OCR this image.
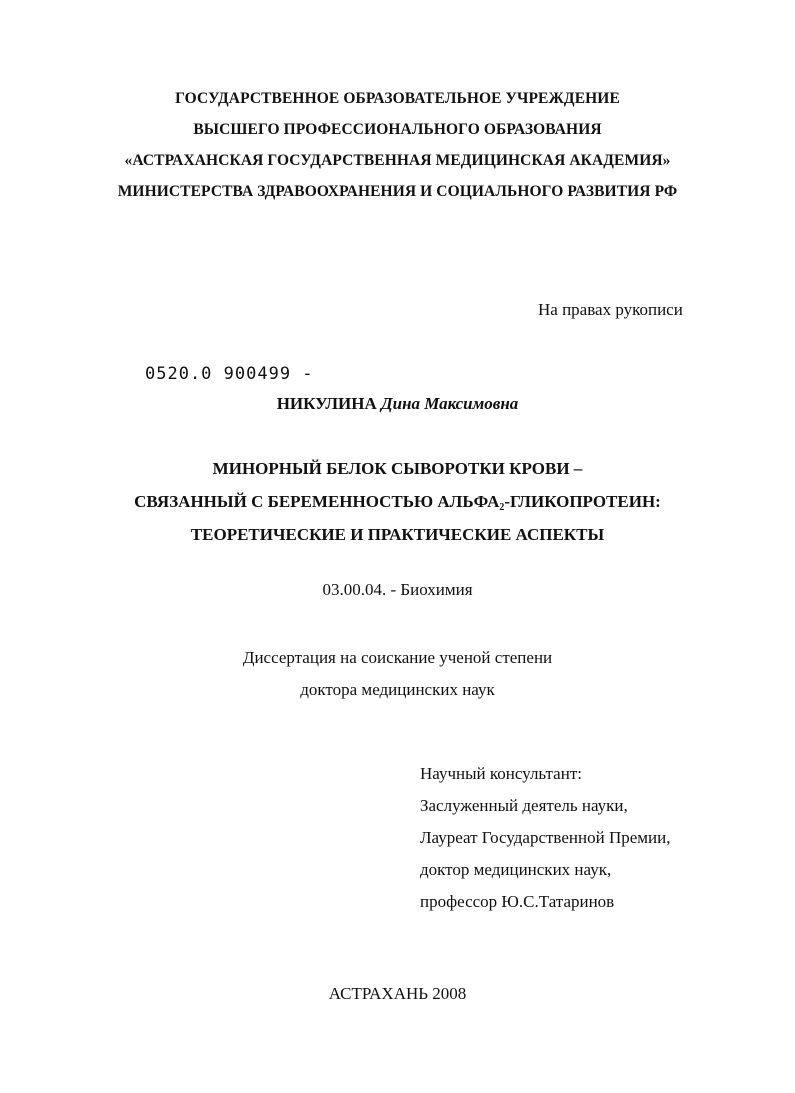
ГОСУДАРСТВЕННОЕ ОБРАЗОВАТЕЛЬНОЕ УЧРЕЖДЕНИЕ
ВЫСШЕГО ПРОФЕССИОНАЛЬНОГО ОБРАЗОВАНИЯ
«АСТРАХАНСКАЯ ГОСУДАРСТВЕННАЯ МЕДИЦИНСКАЯ АКАДЕМИЯ»
МИНИСТЕРСТВА ЗДРАВООХРАНЕНИЯ И СОЦИАЛЬНОГО РАЗВИТИЯ РФ
На правах рукописи
0520.0 900499 -
НИКУЛИНА Дина Максимовна
МИНОРНЫЙ БЕЛОК СЫВОРОТКИ КРОВИ –
СВЯЗАННЫЙ С БЕРЕМЕННОСТЬЮ $АЛЬФА_2$-ГЛИКОПРОТЕИН:
ТЕОРЕТИЧЕСКИЕ И ПРАКТИЧЕСКИЕ АСПЕКТЫ
03.00.04. - Биохимия
Диссертация на соискание ученой степени
доктора медицинских наук
Научный консультант:
Заслуженный деятель науки,
Лауреат Государственной Премии,
доктор медицинских наук,
профессор Ю.С.Татаринов
АСТРАХАНЬ 2008
